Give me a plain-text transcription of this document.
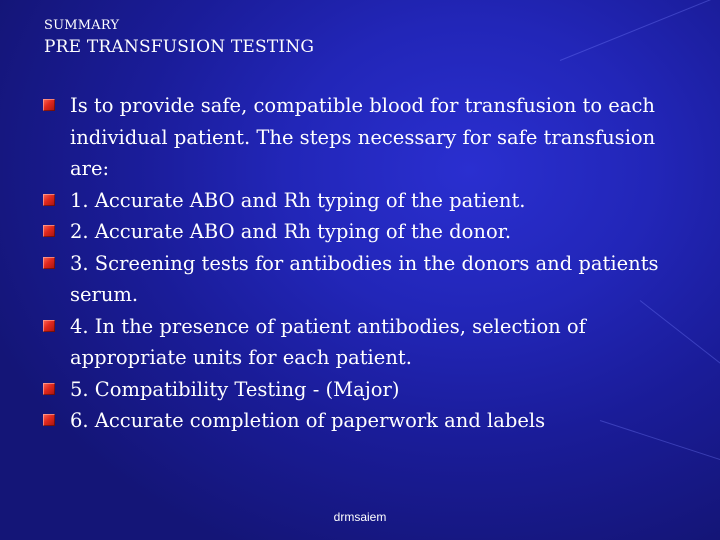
SUMMARY
PRE TRANSFUSION TESTING
Is to provide safe, compatible blood for transfusion to each individual patient. The steps necessary for safe transfusion are:
1. Accurate ABO and Rh typing of the patient.
2. Accurate ABO and Rh typing of the donor.
3. Screening tests for antibodies in the donors and patients serum.
4. In the presence of patient antibodies, selection of appropriate units for each patient.
5. Compatibility Testing - (Major)
6. Accurate completion of paperwork and labels
drmsaiem
